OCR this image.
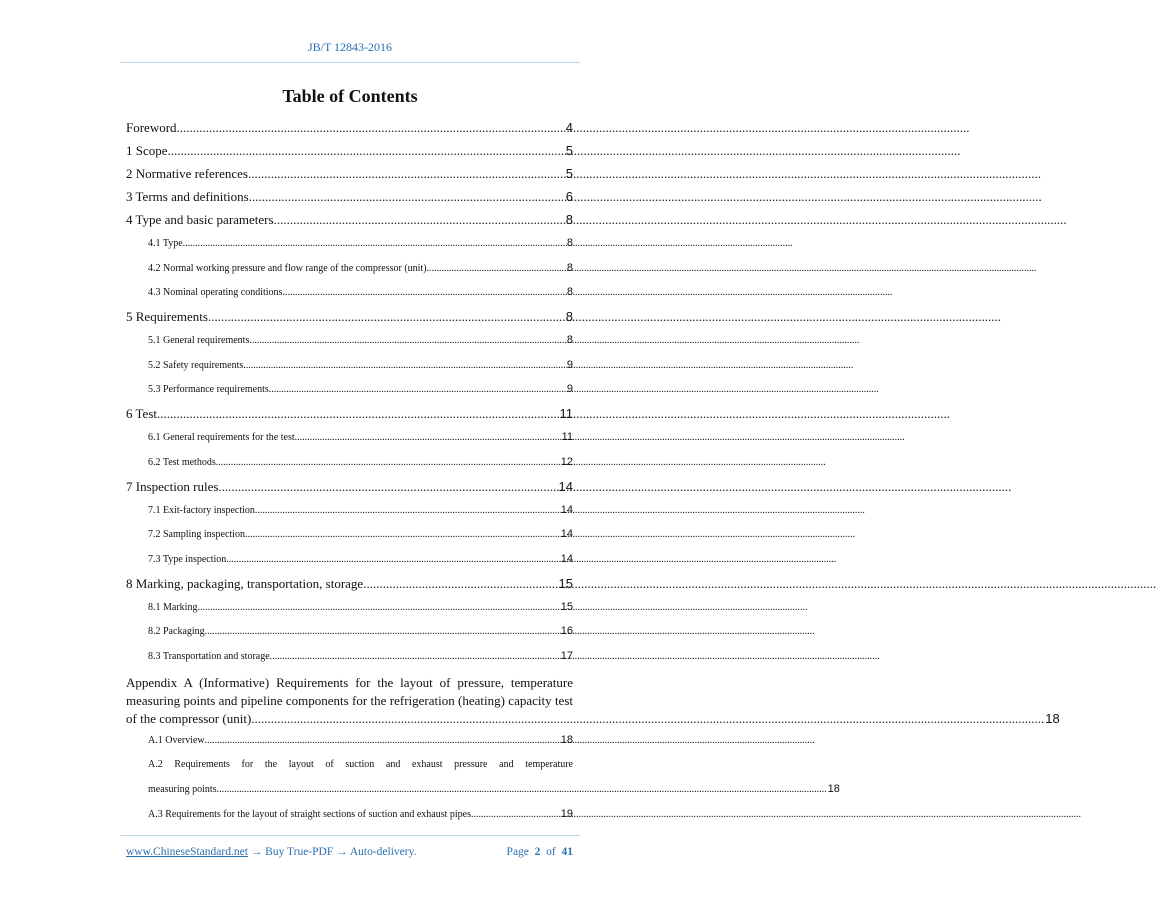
JB/T 12843-2016
Table of Contents
Foreword .....	4
1 Scope .....	5
2 Normative references .....	5
3 Terms and definitions .....	6
4 Type and basic parameters .....	8
4.1 Type .....	8
4.2 Normal working pressure and flow range of the compressor (unit) .....	8
4.3 Nominal operating conditions .....	8
5 Requirements .....	8
5.1 General requirements .....	8
5.2 Safety requirements .....	9
5.3 Performance requirements .....	9
6 Test .....	11
6.1 General requirements for the test .....	11
6.2 Test methods .....	12
7 Inspection rules .....	14
7.1 Exit-factory inspection .....	14
7.2 Sampling inspection .....	14
7.3 Type inspection .....	14
8 Marking, packaging, transportation, storage .....	15
8.1 Marking .....	15
8.2 Packaging .....	16
8.3 Transportation and storage .....	17
Appendix A (Informative) Requirements for the layout of pressure, temperature
measuring points and pipeline components for the refrigeration (heating) capacity test
of the compressor (unit) .....	18
A.1 Overview .....	18
A.2 Requirements for the layout of suction and exhaust pressure and temperature
measuring points .....	18
A.3 Requirements for the layout of straight sections of suction and exhaust pipes .....	19
www.ChineseStandard.net → Buy True-PDF → Auto-delivery.	Page 2 of 41
